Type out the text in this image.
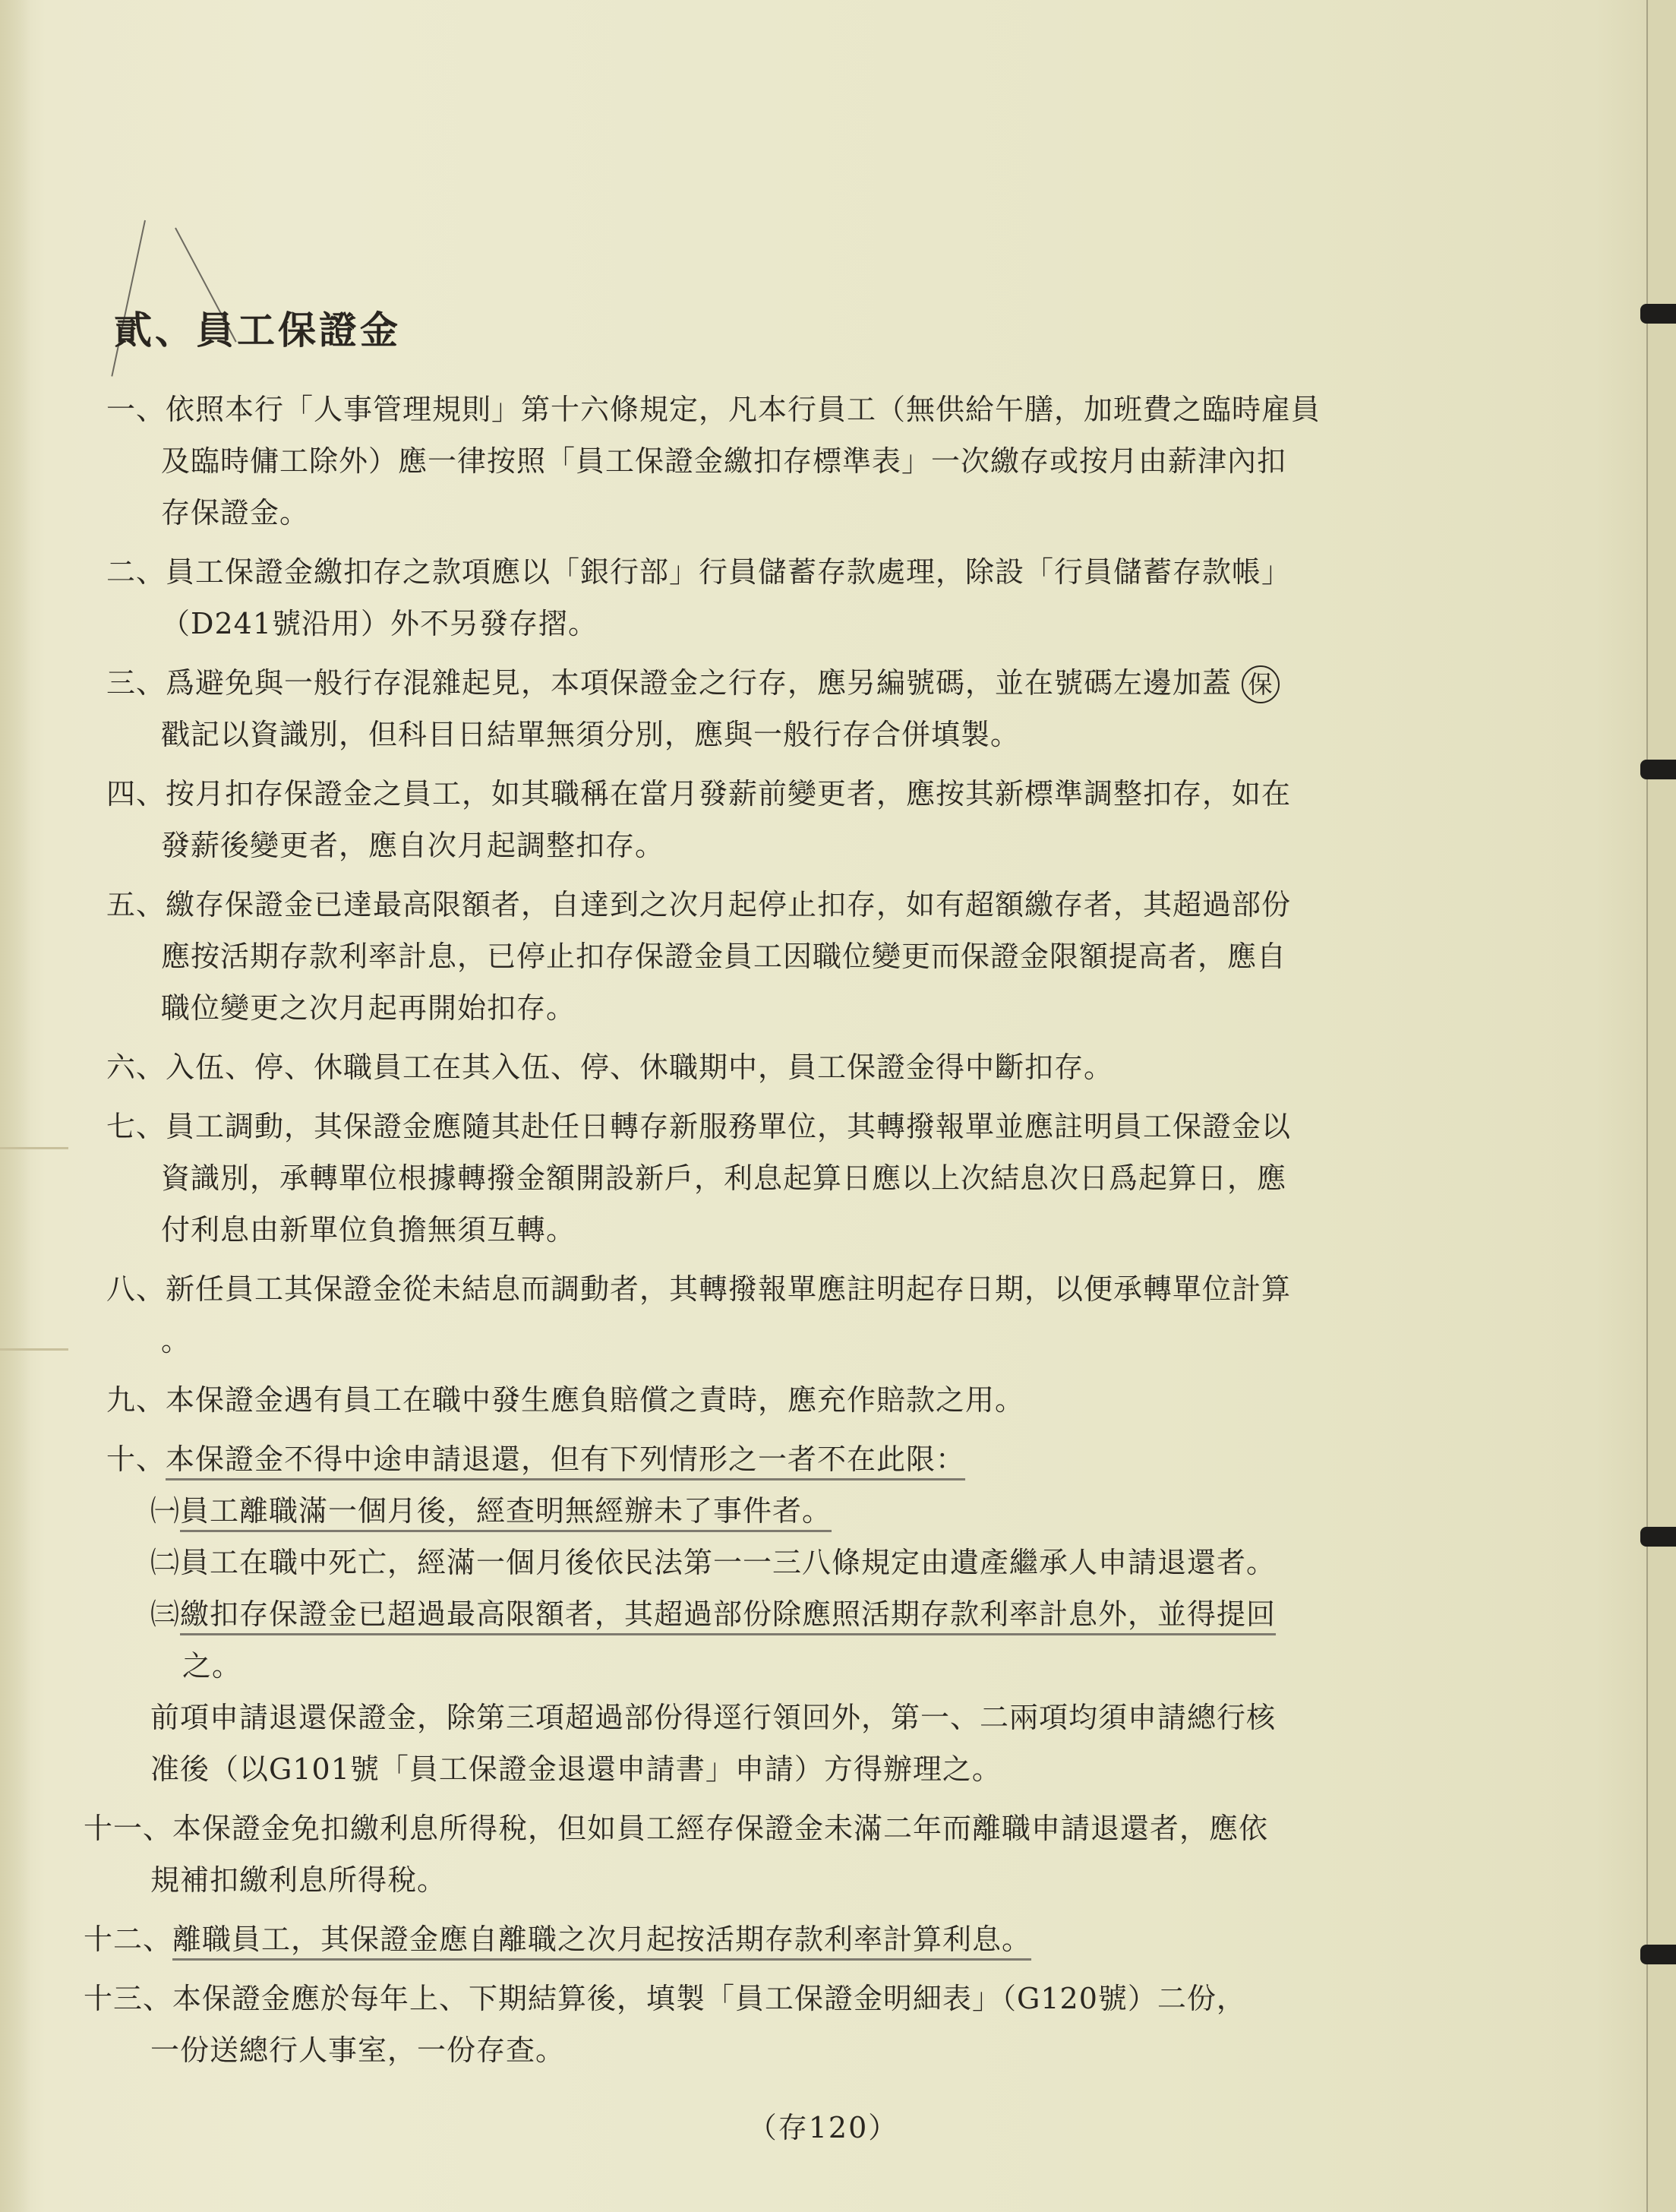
貳、員工保證金
一、依照本行「人事管理規則」第十六條規定，凡本行員工（無供給午膳，加班費之臨時雇員
及臨時傭工除外）應一律按照「員工保證金繳扣存標準表」一次繳存或按月由薪津內扣
存保證金。
二、員工保證金繳扣存之款項應以「銀行部」行員儲蓄存款處理，除設「行員儲蓄存款帳」
（D241號沿用）外不另發存摺。
三、爲避免與一般行存混雜起見，本項保證金之行存，應另編號碼，並在號碼左邊加蓋 保
戳記以資識別，但科目日結單無須分別，應與一般行存合併填製。
四、按月扣存保證金之員工，如其職稱在當月發薪前變更者，應按其新標準調整扣存，如在
發薪後變更者，應自次月起調整扣存。
五、繳存保證金已達最高限額者，自達到之次月起停止扣存，如有超額繳存者，其超過部份
應按活期存款利率計息，已停止扣存保證金員工因職位變更而保證金限額提高者，應自
職位變更之次月起再開始扣存。
六、入伍、停、休職員工在其入伍、停、休職期中，員工保證金得中斷扣存。
七、員工調動，其保證金應隨其赴任日轉存新服務單位，其轉撥報單並應註明員工保證金以
資識別，承轉單位根據轉撥金額開設新戶，利息起算日應以上次結息次日爲起算日，應
付利息由新單位負擔無須互轉。
八、新任員工其保證金從未結息而調動者，其轉撥報單應註明起存日期，以便承轉單位計算
。
九、本保證金遇有員工在職中發生應負賠償之責時，應充作賠款之用。
十、本保證金不得中途申請退還，但有下列情形之一者不在此限：
㈠員工離職滿一個月後，經查明無經辦未了事件者。
㈡員工在職中死亡，經滿一個月後依民法第一一三八條規定由遺產繼承人申請退還者。
㈢繳扣存保證金已超過最高限額者，其超過部份除應照活期存款利率計息外，並得提回
之。
前項申請退還保證金，除第三項超過部份得逕行領回外，第一、二兩項均須申請總行核
准後（以G101號「員工保證金退還申請書」申請）方得辦理之。
十一、本保證金免扣繳利息所得稅，但如員工經存保證金未滿二年而離職申請退還者，應依
規補扣繳利息所得稅。
十二、離職員工，其保證金應自離職之次月起按活期存款利率計算利息。
十三、本保證金應於每年上、下期結算後，填製「員工保證金明細表」（G120號）二份，
一份送總行人事室，一份存查。
（存120）
